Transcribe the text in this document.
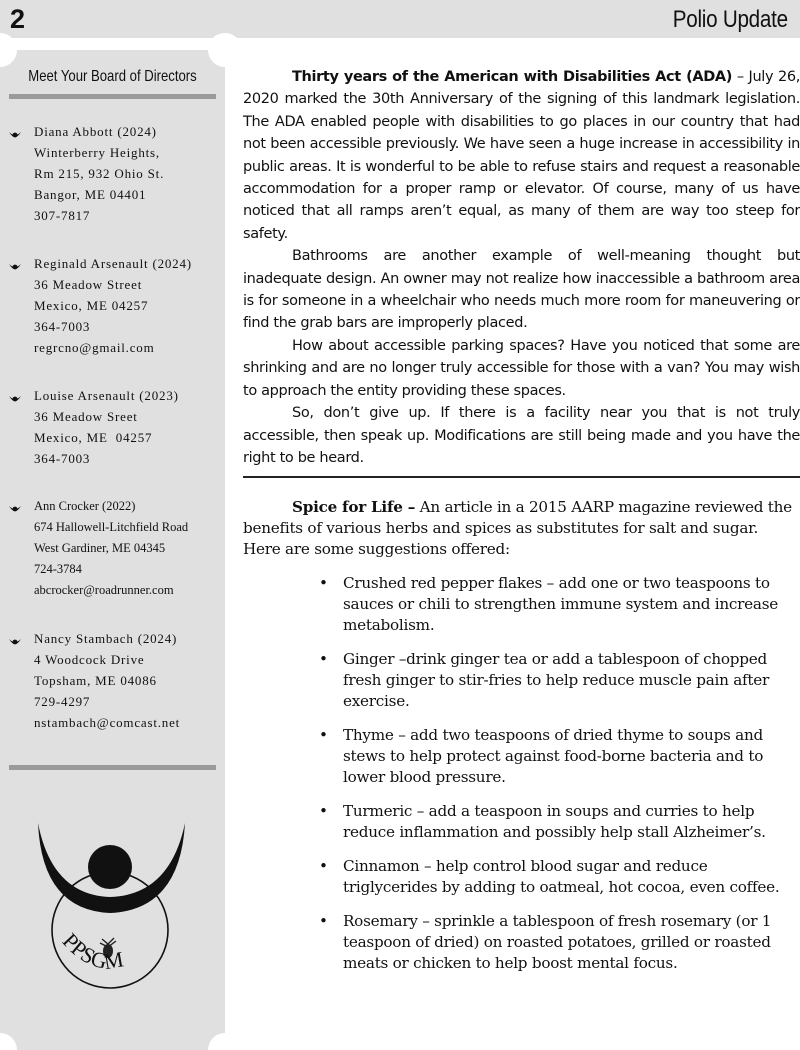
2	Polio Update
Meet Your Board of Directors
Diana Abbott (2024)
Winterberry Heights,
Rm 215, 932 Ohio St.
Bangor, ME 04401
307-7817
Reginald Arsenault (2024)
36 Meadow Street
Mexico, ME 04257
364-7003
regrcno@gmail.com
Louise Arsenault (2023)
36 Meadow Sreet
Mexico, ME  04257
364-7003
Ann Crocker (2022)
674 Hallowell-Litchfield Road
West Gardiner, ME 04345
724-3784
abcrocker@roadrunner.com
Nancy Stambach (2024)
4 Woodcock Drive
Topsham, ME 04086
729-4297
nstambach@comcast.net
PPSGM

Thirty years of the American with Disabilities Act (ADA) – July 26, 2020 marked the 30th Anniversary of the signing of this landmark legislation. The ADA enabled people with disabilities to go places in our country that had not been accessible previously. We have seen a huge increase in accessibility in public areas. It is wonderful to be able to refuse stairs and request a reasonable accommodation for a proper ramp or elevator. Of course, many of us have noticed that all ramps aren’t equal, as many of them are way too steep for safety.

Bathrooms are another example of well-meaning thought but inadequate design. An owner may not realize how inaccessible a bathroom area is for someone in a wheelchair who needs much more room for maneuvering or find the grab bars are improperly placed.

How about accessible parking spaces? Have you noticed that some are shrinking and are no longer truly accessible for those with a van? You may wish to approach the entity providing these spaces.

So, don’t give up. If there is a facility near you that is not truly accessible, then speak up. Modifications are still being made and you have the right to be heard.

Spice for Life – An article in a 2015 AARP magazine reviewed the benefits of various herbs and spices as substitutes for salt and sugar. Here are some suggestions offered:

•	Crushed red pepper flakes – add one or two teaspoons to sauces or chili to strengthen immune system and increase metabolism.
•	Ginger –drink ginger tea or add a tablespoon of chopped fresh ginger to stir-fries to help reduce muscle pain after exercise.
•	Thyme – add two teaspoons of dried thyme to soups and stews to help protect against food-borne bacteria and to lower blood pressure.
•	Turmeric – add a teaspoon in soups and curries to help reduce inflammation and possibly help stall Alzheimer’s.
•	Cinnamon – help control blood sugar and reduce triglycerides by adding to oatmeal, hot cocoa, even coffee.
•	Rosemary – sprinkle a tablespoon of fresh rosemary (or 1 teaspoon of dried) on roasted potatoes, grilled or roasted meats or chicken to help boost mental focus.
